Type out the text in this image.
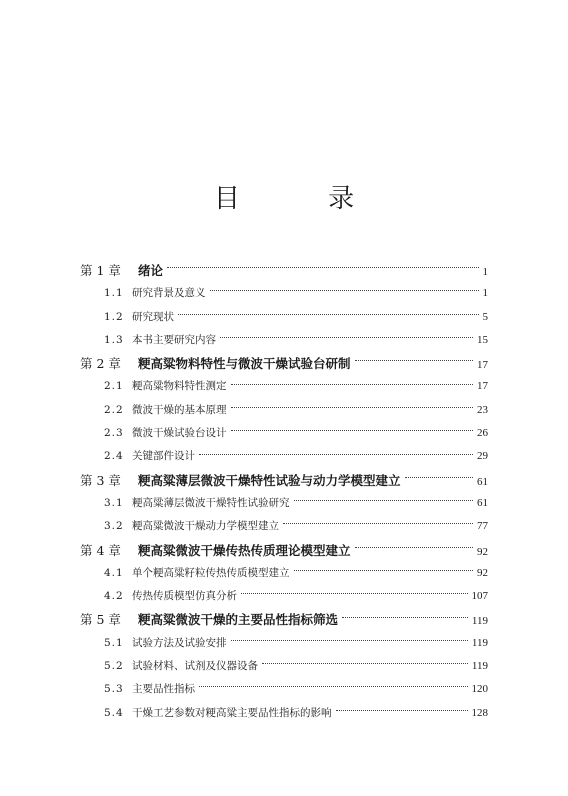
目 录
第 1 章	绪论	1
1.1 研究背景及意义	1
1.2 研究现状	5
1.3 本书主要研究内容	15
第 2 章	粳高粱物料特性与微波干燥试验台研制	17
2.1 粳高粱物料特性测定	17
2.2 微波干燥的基本原理	23
2.3 微波干燥试验台设计	26
2.4 关键部件设计	29
第 3 章	粳高粱薄层微波干燥特性试验与动力学模型建立	61
3.1 粳高粱薄层微波干燥特性试验研究	61
3.2 粳高粱微波干燥动力学模型建立	77
第 4 章	粳高粱微波干燥传热传质理论模型建立	92
4.1 单个粳高粱籽粒传热传质模型建立	92
4.2 传热传质模型仿真分析	107
第 5 章	粳高粱微波干燥的主要品性指标筛选	119
5.1 试验方法及试验安排	119
5.2 试验材料、试剂及仪器设备	119
5.3 主要品性指标	120
5.4 干燥工艺参数对粳高粱主要品性指标的影响	128
